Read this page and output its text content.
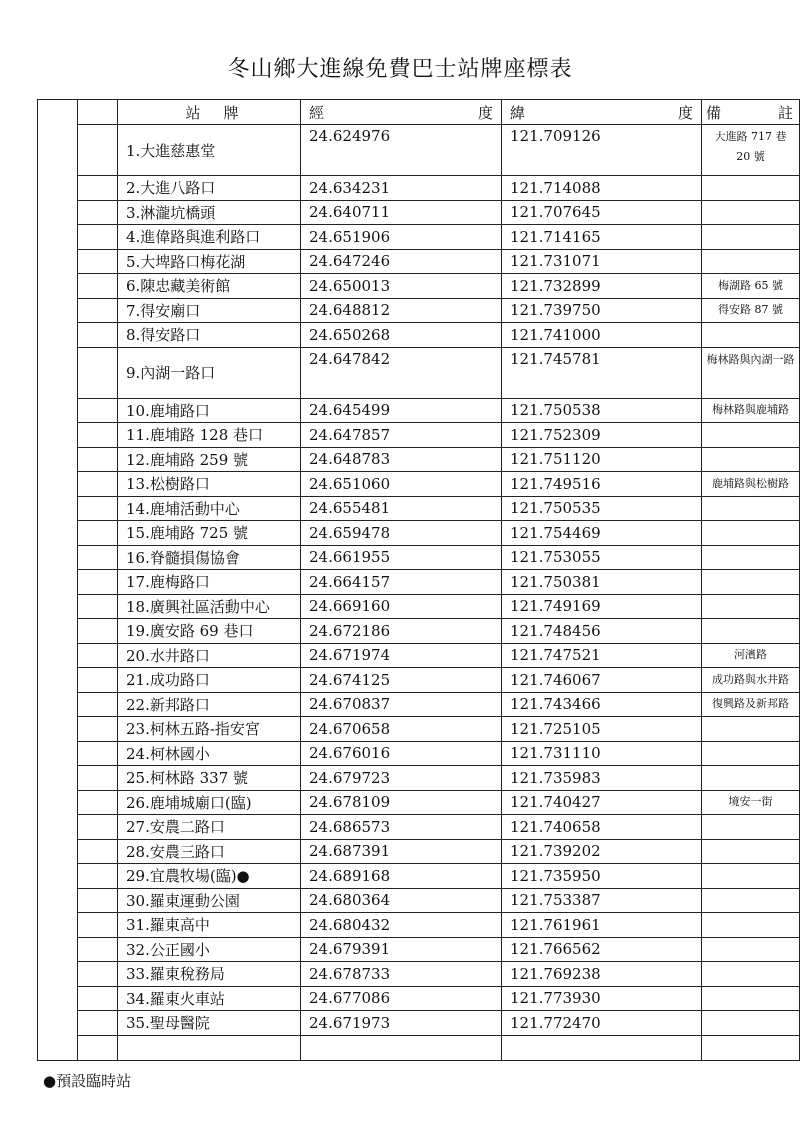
冬山鄉大進線免費巴士站牌座標表

		站 牌	經 度	緯 度	備 註

		1.大進慈惠堂	24.624976	121.709126	大進路 717 巷 20 號
		2.大進八路口	24.634231	121.714088	
		3.淋瀧坑橋頭	24.640711	121.707645	
		4.進偉路與進利路口	24.651906	121.714165	
		5.大埤路口梅花湖	24.647246	121.731071	
		6.陳忠藏美術館	24.650013	121.732899	梅湖路 65 號
		7.得安廟口	24.648812	121.739750	得安路 87 號
		8.得安路口	24.650268	121.741000	
		9.內湖一路口	24.647842	121.745781	梅林路與內湖一路
		10.鹿埔路口	24.645499	121.750538	梅林路與鹿埔路
		11.鹿埔路 128 巷口	24.647857	121.752309	
		12.鹿埔路 259 號	24.648783	121.751120	
		13.松樹路口	24.651060	121.749516	鹿埔路與松樹路
		14.鹿埔活動中心	24.655481	121.750535	
		15.鹿埔路 725 號	24.659478	121.754469	
		16.脊髓損傷協會	24.661955	121.753055	
		17.鹿梅路口	24.664157	121.750381	
		18.廣興社區活動中心	24.669160	121.749169	
		19.廣安路 69 巷口	24.672186	121.748456	
		20.水井路口	24.671974	121.747521	河濱路
		21.成功路口	24.674125	121.746067	成功路與水井路
		22.新邦路口	24.670837	121.743466	復興路及新邦路
		23.柯林五路-指安宮	24.670658	121.725105	
		24.柯林國小	24.676016	121.731110	
		25.柯林路 337 號	24.679723	121.735983	
		26.鹿埔城廟口(臨)	24.678109	121.740427	境安一街
		27.安農二路口	24.686573	121.740658	
		28.安農三路口	24.687391	121.739202	
		29.宜農牧場(臨)●	24.689168	121.735950	
		30.羅東運動公園	24.680364	121.753387	
		31.羅東高中	24.680432	121.761961	
		32.公正國小	24.679391	121.766562	
		33.羅東稅務局	24.678733	121.769238	
		34.羅東火車站	24.677086	121.773930	
		35.聖母醫院	24.671973	121.772470	

●預設臨時站
